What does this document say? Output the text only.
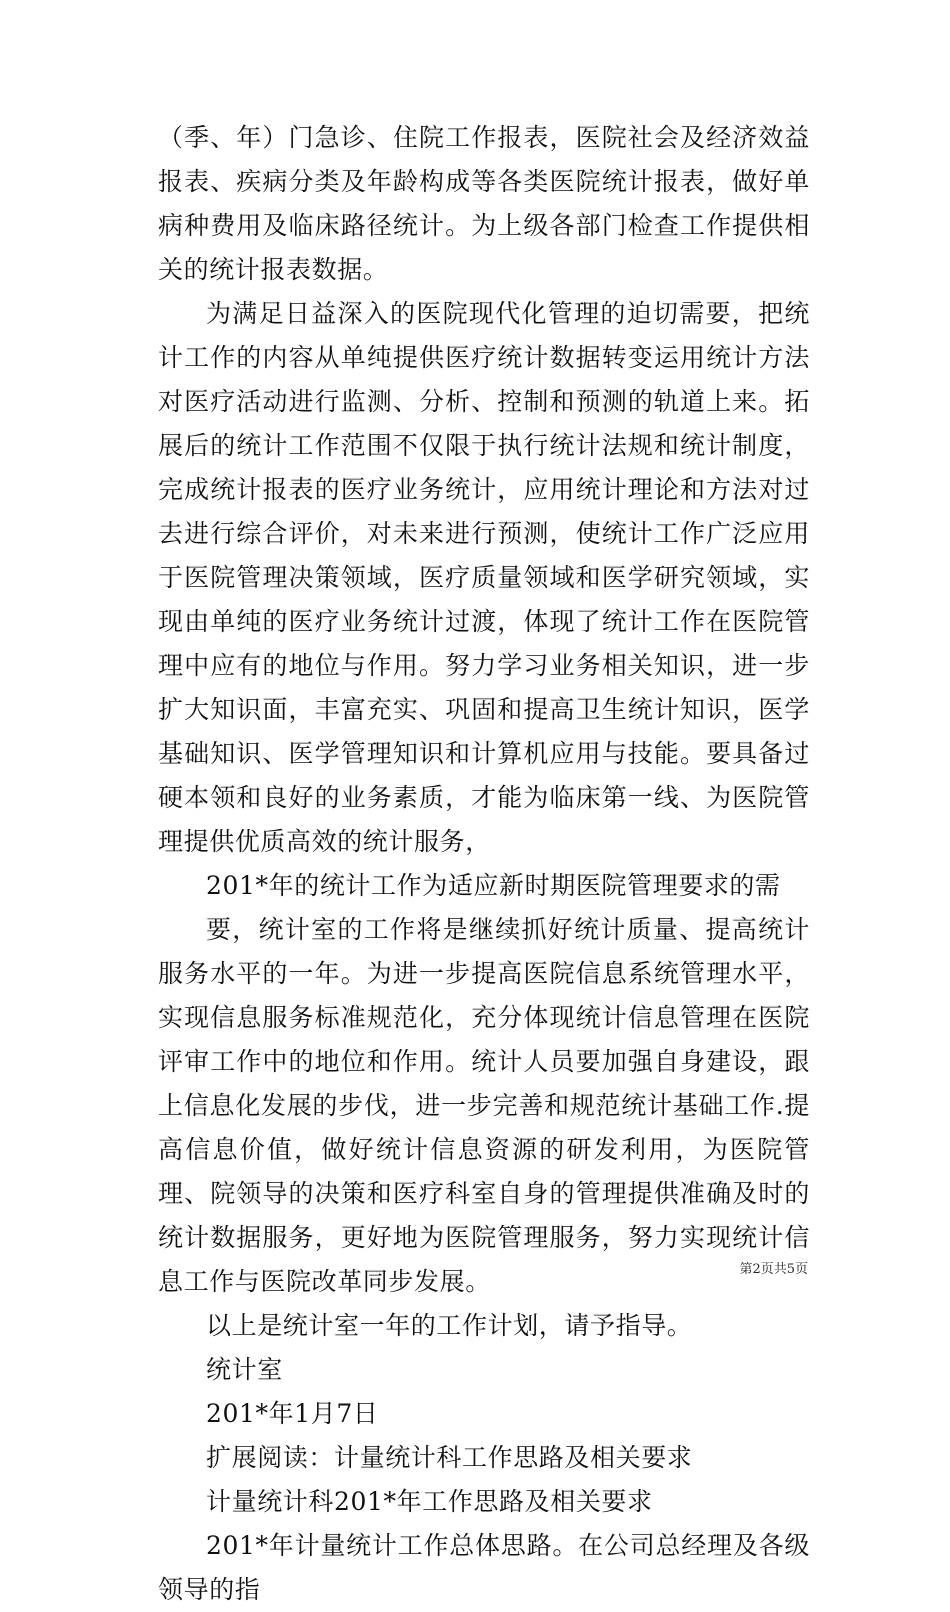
（季、年）门急诊、住院工作报表，医院社会及经济效益报表、疾病分类及年龄构成等各类医院统计报表，做好单病种费用及临床路径统计。为上级各部门检查工作提供相关的统计报表数据。

为满足日益深入的医院现代化管理的迫切需要，把统计工作的内容从单纯提供医疗统计数据转变运用统计方法对医疗活动进行监测、分析、控制和预测的轨道上来。拓展后的统计工作范围不仅限于执行统计法规和统计制度，完成统计报表的医疗业务统计，应用统计理论和方法对过去进行综合评价，对未来进行预测，使统计工作广泛应用于医院管理决策领域，医疗质量领域和医学研究领域，实现由单纯的医疗业务统计过渡，体现了统计工作在医院管理中应有的地位与作用。努力学习业务相关知识，进一步扩大知识面，丰富充实、巩固和提高卫生统计知识，医学基础知识、医学管理知识和计算机应用与技能。要具备过硬本领和良好的业务素质，才能为临床第一线、为医院管理提供优质高效的统计服务，

201*年的统计工作为适应新时期医院管理要求的需

要，统计室的工作将是继续抓好统计质量、提高统计服务水平的一年。为进一步提高医院信息系统管理水平，实现信息服务标准规范化，充分体现统计信息管理在医院评审工作中的地位和作用。统计人员要加强自身建设，跟上信息化发展的步伐，进一步完善和规范统计基础工作.提高信息价值，做好统计信息资源的研发利用，为医院管理、院领导的决策和医疗科室自身的管理提供准确及时的统计数据服务，更好地为医院管理服务，努力实现统计信息工作与医院改革同步发展。

以上是统计室一年的工作计划，请予指导。

统计室

201*年1月7日

扩展阅读：计量统计科工作思路及相关要求

计量统计科201*年工作思路及相关要求

201*年计量统计工作总体思路。在公司总经理及各级领导的指

第2页共5页
